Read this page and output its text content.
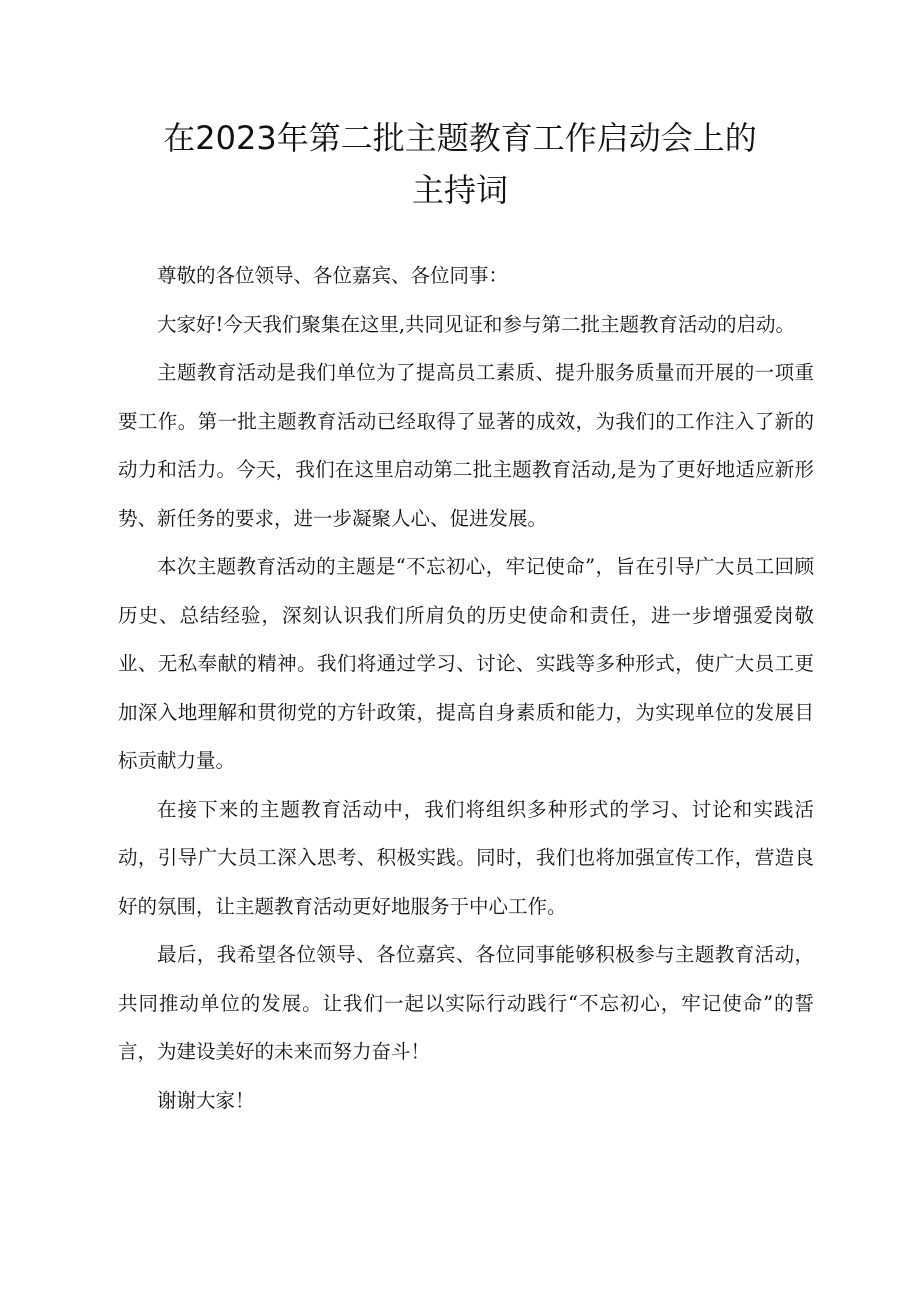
在2023年第二批主题教育工作启动会上的
主持词

尊敬的各位领导、各位嘉宾、各位同事：

大家好!今天我们聚集在这里,共同见证和参与第二批主题教育活动的启动。

主题教育活动是我们单位为了提高员工素质、提升服务质量而开展的一项重要工作。第一批主题教育活动已经取得了显著的成效，为我们的工作注入了新的动力和活力。今天，我们在这里启动第二批主题教育活动,是为了更好地适应新形势、新任务的要求，进一步凝聚人心、促进发展。

本次主题教育活动的主题是“不忘初心，牢记使命”，旨在引导广大员工回顾历史、总结经验，深刻认识我们所肩负的历史使命和责任，进一步增强爱岗敬业、无私奉献的精神。我们将通过学习、讨论、实践等多种形式，使广大员工更加深入地理解和贯彻党的方针政策，提高自身素质和能力，为实现单位的发展目标贡献力量。

在接下来的主题教育活动中，我们将组织多种形式的学习、讨论和实践活动，引导广大员工深入思考、积极实践。同时，我们也将加强宣传工作，营造良好的氛围，让主题教育活动更好地服务于中心工作。

最后，我希望各位领导、各位嘉宾、各位同事能够积极参与主题教育活动，共同推动单位的发展。让我们一起以实际行动践行“不忘初心，牢记使命”的誓言，为建设美好的未来而努力奋斗！

谢谢大家！
